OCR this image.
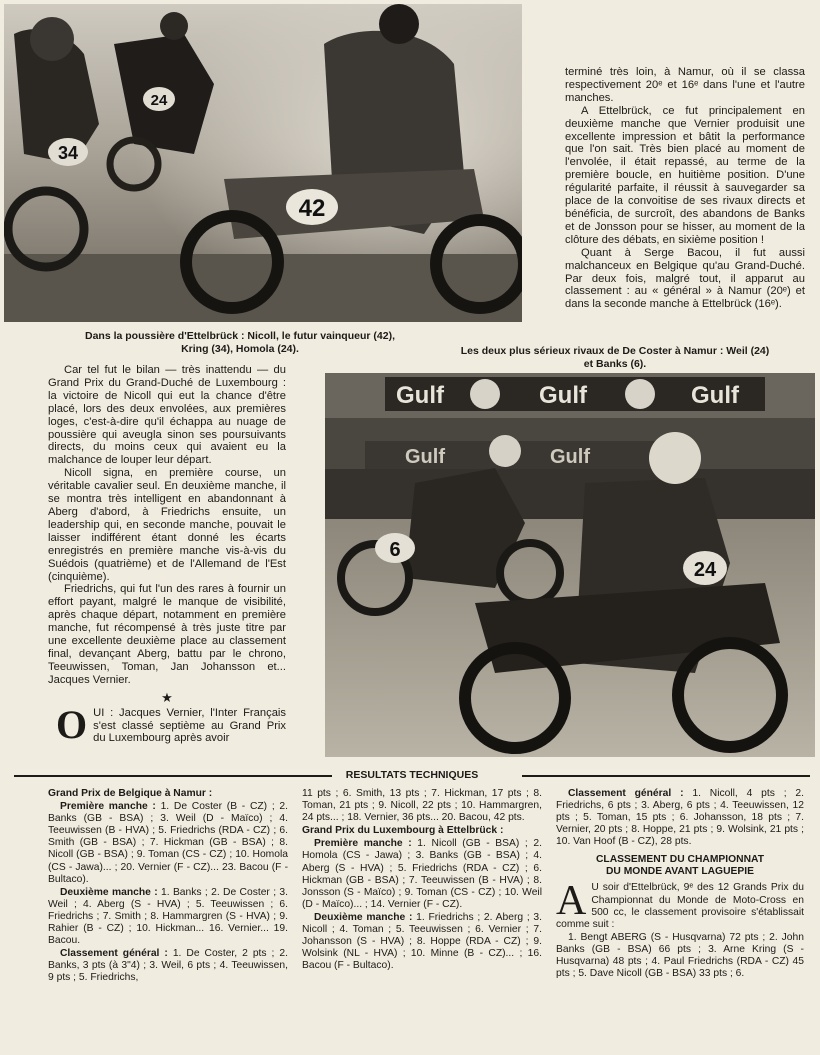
42
34
24
Dans la poussière d'Ettelbrück : Nicoll, le futur vainqueur (42),
Kring (34), Homola (24).

terminé très loin, à Namur, où il se classa respectivement 20ᵉ et 16ᵉ dans l'une et l'autre manches.

A Ettelbrück, ce fut principalement en deuxième manche que Vernier produisit une excellente impression et bâtit la performance que l'on sait. Très bien placé au moment de l'envolée, il était repassé, au terme de la première boucle, en huitième position. D'une régularité parfaite, il réussit à sauvegarder sa place de la convoitise de ses rivaux directs et bénéficia, de surcroît, des abandons de Banks et de Jonsson pour se hisser, au moment de la clôture des débats, en sixième position !

Quant à Serge Bacou, il fut aussi malchanceux en Belgique qu'au Grand-Duché. Par deux fois, malgré tout, il apparut au classement : au « général » à Namur (20ᵉ) et dans la seconde manche à Ettelbrück (16ᵉ).

Les deux plus sérieux rivaux de De Coster à Namur : Weil (24)
et Banks (6).
Gulf	Gulf	Gulf
Gulf	Gulf
6
24

Car tel fut le bilan — très inattendu — du Grand Prix du Grand-Duché de Luxembourg : la victoire de Nicoll qui eut la chance d'être placé, lors des deux envolées, aux premières loges, c'est-à-dire qu'il échappa au nuage de poussière qui aveugla sinon ses poursuivants directs, du moins ceux qui avaient eu la malchance de louper leur départ.

Nicoll signa, en première course, un véritable cavalier seul. En deuxième manche, il se montra très intelligent en abandonnant à Aberg d'abord, à Friedrichs ensuite, un leadership qui, en seconde manche, pouvait le laisser indifférent étant donné les écarts enregistrés en première manche vis-à-vis du Suédois (quatrième) et de l'Allemand de l'Est (cinquième).

Friedrichs, qui fut l'un des rares à fournir un effort payant, malgré le manque de visibilité, après chaque départ, notamment en première manche, fut récompensé à très juste titre par une excellente deuxième place au classement final, devançant Aberg, battu par le chrono, Teeuwissen, Toman, Jan Johansson et... Jacques Vernier.

★

OUI : Jacques Vernier, l'Inter Français s'est classé septième au Grand Prix du Luxembourg après avoir

RESULTATS TECHNIQUES
Grand Prix de Belgique à Namur :
Première manche : 1. De Coster (B - CZ) ; 2. Banks (GB - BSA) ; 3. Weil (D - Maïco) ; 4. Teeuwissen (B - HVA) ; 5. Friedrichs (RDA - CZ) ; 6. Smith (GB - BSA) ; 7. Hickman (GB - BSA) ; 8. Nicoll (GB - BSA) ; 9. Toman (CS - CZ) ; 10. Homola (CS - Jawa)... ; 20. Vernier (F - CZ)... 23. Bacou (F - Bultaco).
Deuxième manche : 1. Banks ; 2. De Coster ; 3. Weil ; 4. Aberg (S - HVA) ; 5. Teeuwissen ; 6. Friedrichs ; 7. Smith ; 8. Hammargren (S - HVA) ; 9. Rahier (B - CZ) ; 10. Hickman... 16. Vernier... 19. Bacou.
Classement général : 1. De Coster, 2 pts ; 2. Banks, 3 pts (à 3"4) ; 3. Weil, 6 pts ; 4. Teeuwissen, 9 pts ; 5. Friedrichs,
11 pts ; 6. Smith, 13 pts ; 7. Hickman, 17 pts ; 8. Toman, 21 pts ; 9. Nicoll, 22 pts ; 10. Hammargren, 24 pts... ; 18. Vernier, 36 pts... 20. Bacou, 42 pts.
Grand Prix du Luxembourg à Ettelbrück :
Première manche : 1. Nicoll (GB - BSA) ; 2. Homola (CS - Jawa) ; 3. Banks (GB - BSA) ; 4. Aberg (S - HVA) ; 5. Friedrichs (RDA - CZ) ; 6. Hickman (GB - BSA) ; 7. Teeuwissen (B - HVA) ; 8. Jonsson (S - Maïco) ; 9. Toman (CS - CZ) ; 10. Weil (D - Maïco)... ; 14. Vernier (F - CZ).
Deuxième manche : 1. Friedrichs ; 2. Aberg ; 3. Nicoll ; 4. Toman ; 5. Teeuwissen ; 6. Vernier ; 7. Johansson (S - HVA) ; 8. Hoppe (RDA - CZ) ; 9. Wolsink (NL - HVA) ; 10. Minne (B - CZ)... ; 16. Bacou (F - Bultaco).
Classement général : 1. Nicoll, 4 pts ; 2. Friedrichs, 6 pts ; 3. Aberg, 6 pts ; 4. Teeuwissen, 12 pts ; 5. Toman, 15 pts ; 6. Johansson, 18 pts ; 7. Vernier, 20 pts ; 8. Hoppe, 21 pts ; 9. Wolsink, 21 pts ; 10. Van Hoof (B - CZ), 28 pts.
CLASSEMENT DU CHAMPIONNAT
DU MONDE AVANT LAGUEPIE
A U soir d'Ettelbrück, 9ᵉ des 12 Grands Prix du Championnat du Monde de Moto-Cross en 500 cc, le classement provisoire s'établissait comme suit :
1. Bengt ABERG (S - Husqvarna) 72 pts ; 2. John Banks (GB - BSA) 66 pts ; 3. Arne Kring (S - Husqvarna) 48 pts ; 4. Paul Friedrichs (RDA - CZ) 45 pts ; 5. Dave Nicoll (GB - BSA) 33 pts ; 6.
